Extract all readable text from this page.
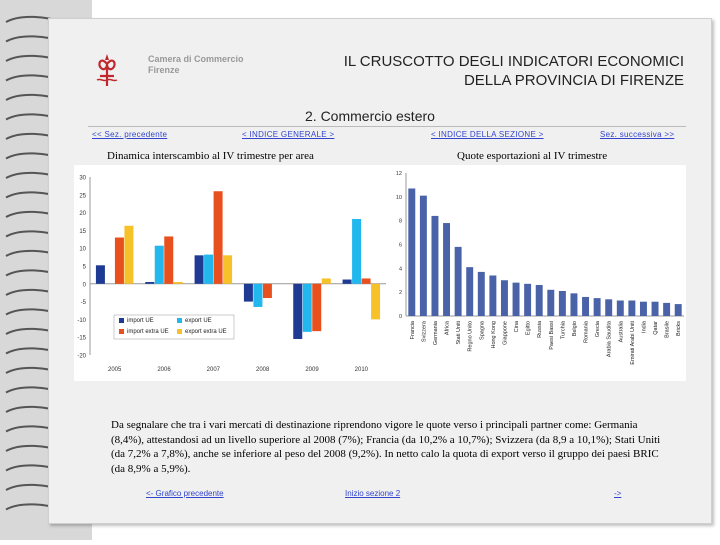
Camera di Commercio
Firenze	IL CRUSCOTTO DEGLI INDICATORI ECONOMICI
DELLA PROVINCIA DI FIRENZE
2. Commercio estero
<< Sez. precedente	< INDICE GENERALE >	< INDICE DELLA SEZIONE >	Sez. successiva >>
Dinamica interscambio al IV trimestre per area	Quote esportazioni al IV trimestre
30
25
20
15
10
5
0
-5
-10
-15
-20
2005	2006	2007	2008	2009	2010
import UE	export UE
import extra UE	export extra UE
12
10
8
6
4
2
0
Francia Svizzera Germania Africa Stati Uniti Regno Unito Spagna Hong Kong Giappone Cina Egitto Russia Paesi Bassi Turchia Belgio Romania Grecia Arabia Saudita Australia Emirati Arabi Uniti India Qatar Brasile Bricks
Da segnalare che tra i vari mercati di destinazione riprendono vigore le quote verso i principali partner come: Germania (8,4%), attestandosi ad un livello superiore al 2008 (7%); Francia (da 10,2% a 10,7%); Svizzera (da 8,9 a 10,1%); Stati Uniti (da 7,2% a 7,8%), anche se inferiore al peso del 2008 (9,2%). In netto calo la quota di export verso il gruppo dei paesi BRIC (da 8,9% a 5,9%).
<- Grafico precedente	Inizio sezione 2	->
